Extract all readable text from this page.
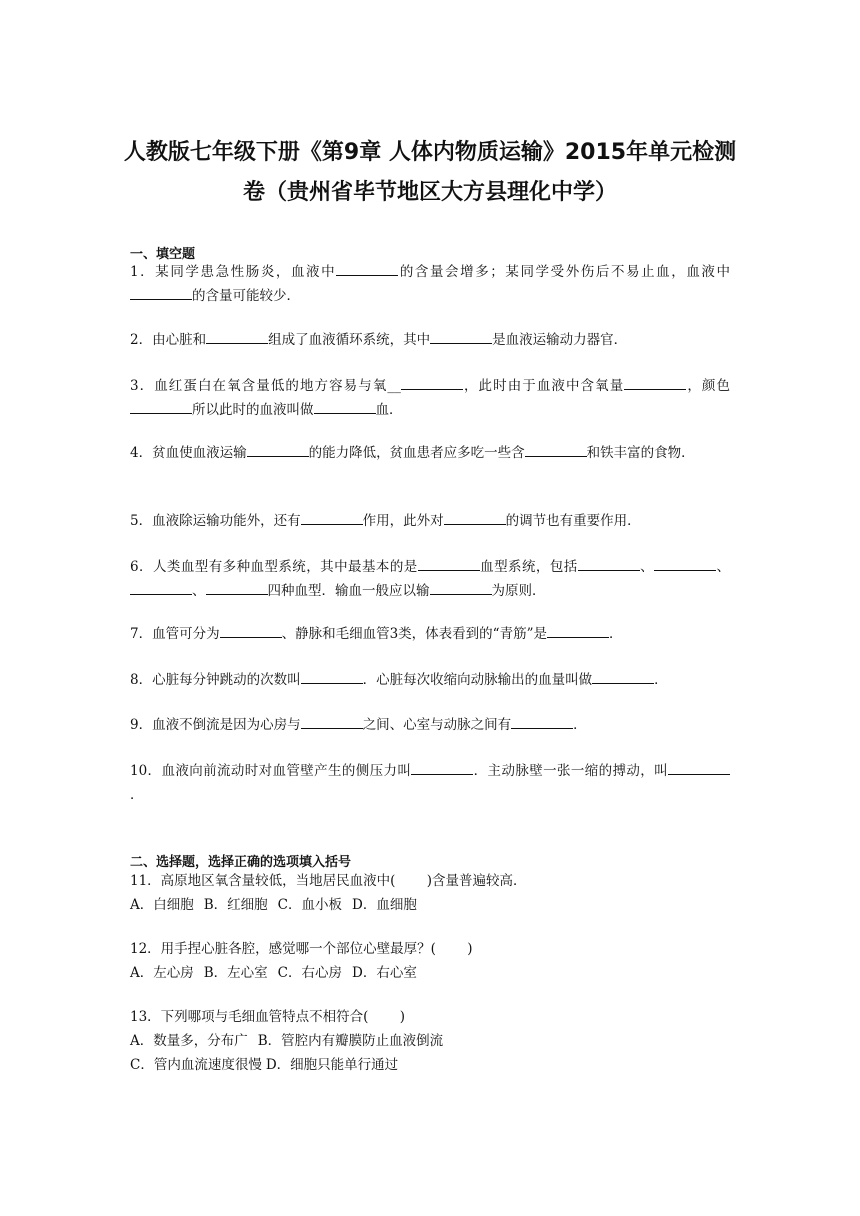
人教版七年级下册《第9章 人体内物质运输》2015年单元检测
卷（贵州省毕节地区大方县理化中学）
一、填空题

1．某同学患急性肠炎，血液中	的含量会增多；某同学受外伤后不易止血，血液中的含量可能较少．

2．由心脏和	组成了血液循环系统，其中	是血液运输动力器官．

3．血红蛋白在氧含量低的地方容易与氧__	，此时由于血液中含氧量	，颜色所以此时的血液叫做	血．

4．贫血使血液运输	的能力降低，贫血患者应多吃一些含	和铁丰富的食物．

5．血液除运输功能外，还有	作用，此外对	的调节也有重要作用．

6．人类血型有多种血型系统，其中最基本的是	血型系统，包括	、	、、	四种血型．输血一般应以输	为原则．

7．血管可分为	、静脉和毛细血管3类，体表看到的“青筋”是	．

8．心脏每分钟跳动的次数叫	．心脏每次收缩向动脉输出的血量叫做	．

9．血液不倒流是因为心房与	之间、心室与动脉之间有	．

10．血液向前流动时对血管壁产生的侧压力叫	．主动脉壁一张一缩的搏动，叫．

二、选择题，选择正确的选项填入括号
11．高原地区氧含量较低，当地居民血液中(　　 )含量普遍较高．
A．白细胞 B．红细胞 C．血小板 D．血细胞
12．用手捏心脏各腔，感觉哪一个部位心壁最厚？(　　 )
A．左心房 B．左心室 C．右心房 D．右心室
13．下列哪项与毛细血管特点不相符合(　　 )
A．数量多，分布广 B．管腔内有瓣膜防止血液倒流
C．管内血流速度很慢 D．细胞只能单行通过
